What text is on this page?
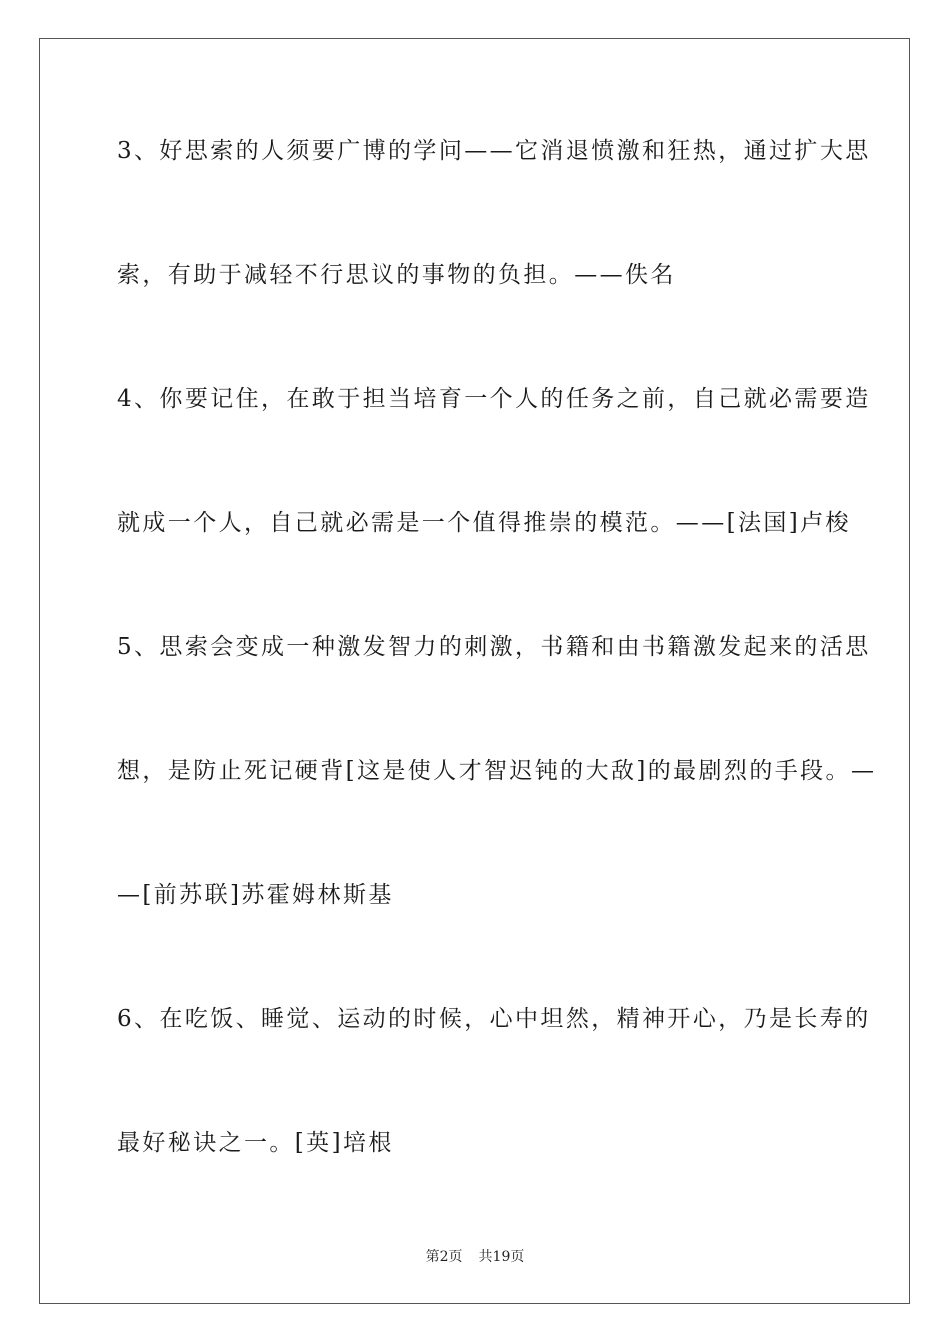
3、好思索的人须要广博的学问——它消退愤激和狂热，通过扩大思
索，有助于减轻不行思议的事物的负担。——佚名
4、你要记住，在敢于担当培育一个人的任务之前，自己就必需要造
就成一个人，自己就必需是一个值得推崇的模范。——[法国]卢梭
5、思索会变成一种激发智力的刺激，书籍和由书籍激发起来的活思
想，是防止死记硬背[这是使人才智迟钝的大敌]的最剧烈的手段。—
—[前苏联]苏霍姆林斯基
6、在吃饭、睡觉、运动的时候，心中坦然，精神开心，乃是长寿的
最好秘诀之一。[英]培根
第2页 共19页
